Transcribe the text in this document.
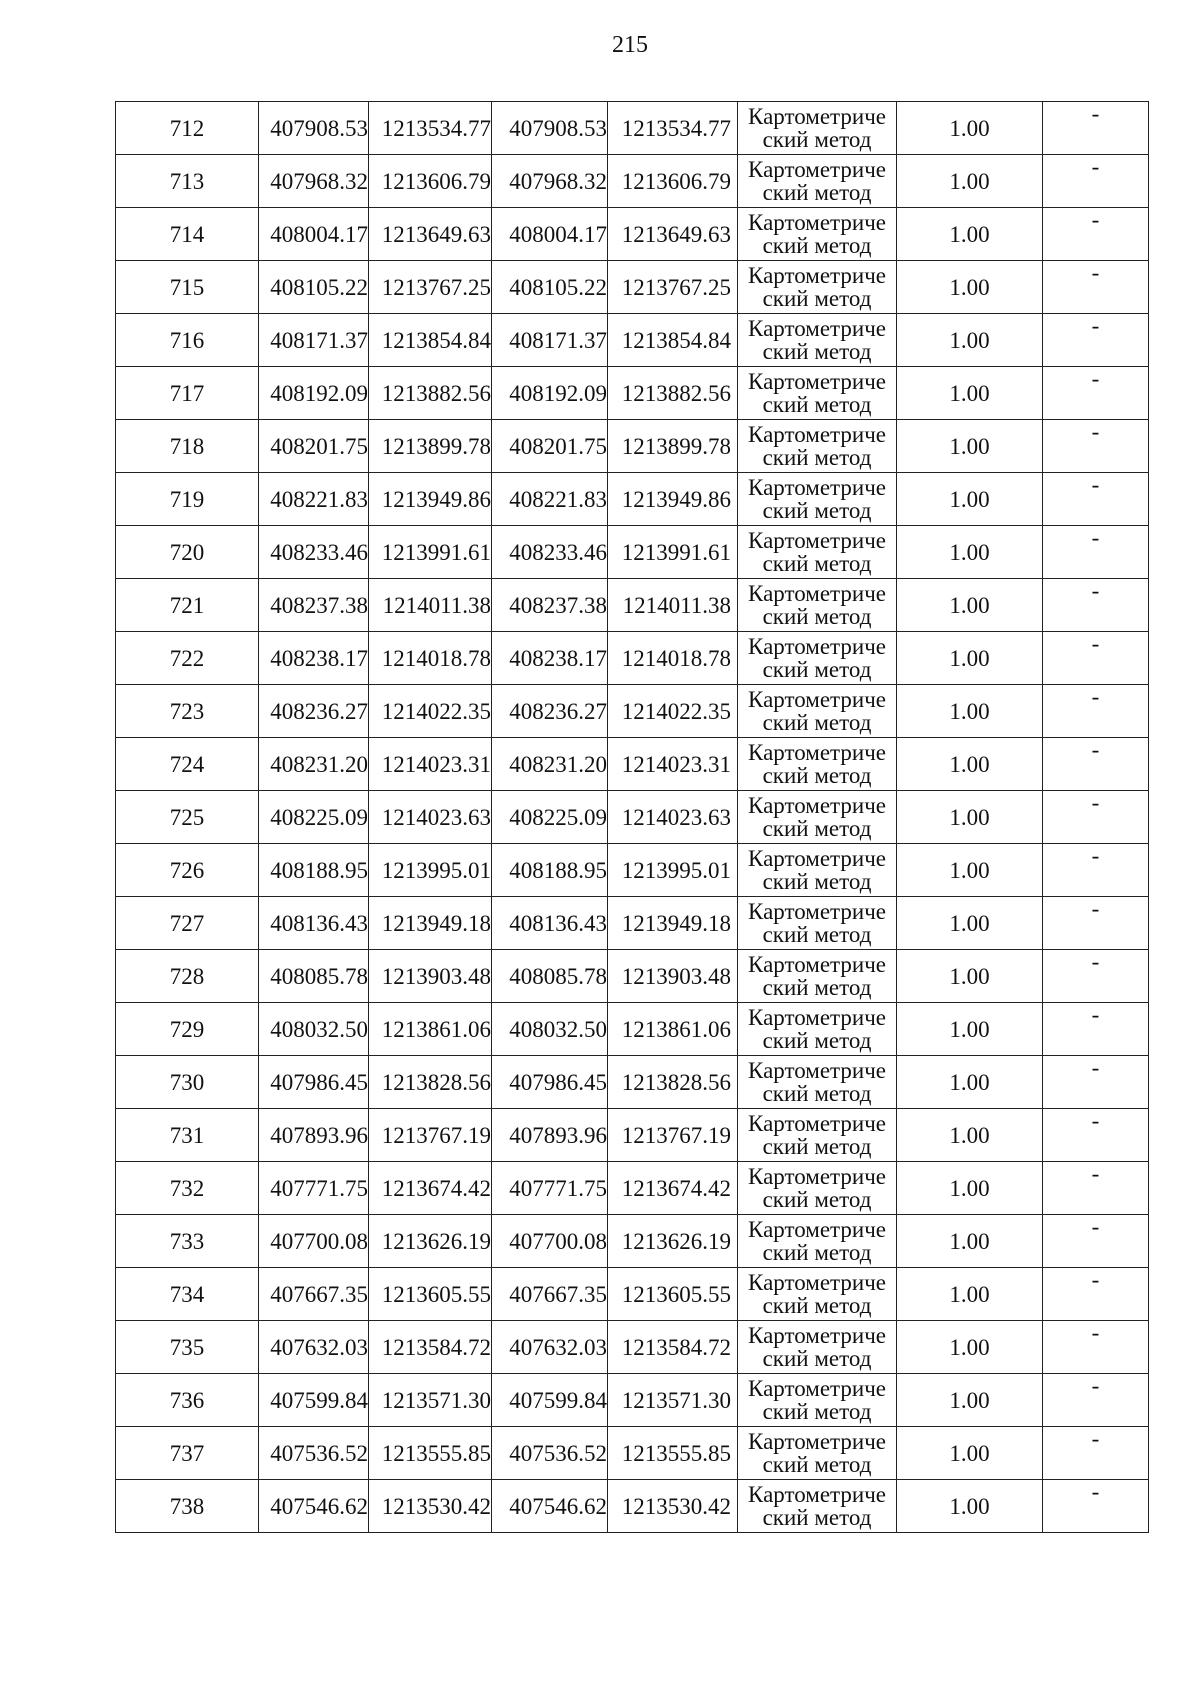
215
712	407908.53	1213534.77	407908.53	1213534.77	Картометриче
ский метод	1.00	-
713	407968.32	1213606.79	407968.32	1213606.79	Картометриче
ский метод	1.00	-
714	408004.17	1213649.63	408004.17	1213649.63	Картометриче
ский метод	1.00	-
715	408105.22	1213767.25	408105.22	1213767.25	Картометриче
ский метод	1.00	-
716	408171.37	1213854.84	408171.37	1213854.84	Картометриче
ский метод	1.00	-
717	408192.09	1213882.56	408192.09	1213882.56	Картометриче
ский метод	1.00	-
718	408201.75	1213899.78	408201.75	1213899.78	Картометриче
ский метод	1.00	-
719	408221.83	1213949.86	408221.83	1213949.86	Картометриче
ский метод	1.00	-
720	408233.46	1213991.61	408233.46	1213991.61	Картометриче
ский метод	1.00	-
721	408237.38	1214011.38	408237.38	1214011.38	Картометриче
ский метод	1.00	-
722	408238.17	1214018.78	408238.17	1214018.78	Картометриче
ский метод	1.00	-
723	408236.27	1214022.35	408236.27	1214022.35	Картометриче
ский метод	1.00	-
724	408231.20	1214023.31	408231.20	1214023.31	Картометриче
ский метод	1.00	-
725	408225.09	1214023.63	408225.09	1214023.63	Картометриче
ский метод	1.00	-
726	408188.95	1213995.01	408188.95	1213995.01	Картометриче
ский метод	1.00	-
727	408136.43	1213949.18	408136.43	1213949.18	Картометриче
ский метод	1.00	-
728	408085.78	1213903.48	408085.78	1213903.48	Картометриче
ский метод	1.00	-
729	408032.50	1213861.06	408032.50	1213861.06	Картометриче
ский метод	1.00	-
730	407986.45	1213828.56	407986.45	1213828.56	Картометриче
ский метод	1.00	-
731	407893.96	1213767.19	407893.96	1213767.19	Картометриче
ский метод	1.00	-
732	407771.75	1213674.42	407771.75	1213674.42	Картометриче
ский метод	1.00	-
733	407700.08	1213626.19	407700.08	1213626.19	Картометриче
ский метод	1.00	-
734	407667.35	1213605.55	407667.35	1213605.55	Картометриче
ский метод	1.00	-
735	407632.03	1213584.72	407632.03	1213584.72	Картометриче
ский метод	1.00	-
736	407599.84	1213571.30	407599.84	1213571.30	Картометриче
ский метод	1.00	-
737	407536.52	1213555.85	407536.52	1213555.85	Картометриче
ский метод	1.00	-
738	407546.62	1213530.42	407546.62	1213530.42	Картометриче
ский метод	1.00	-
